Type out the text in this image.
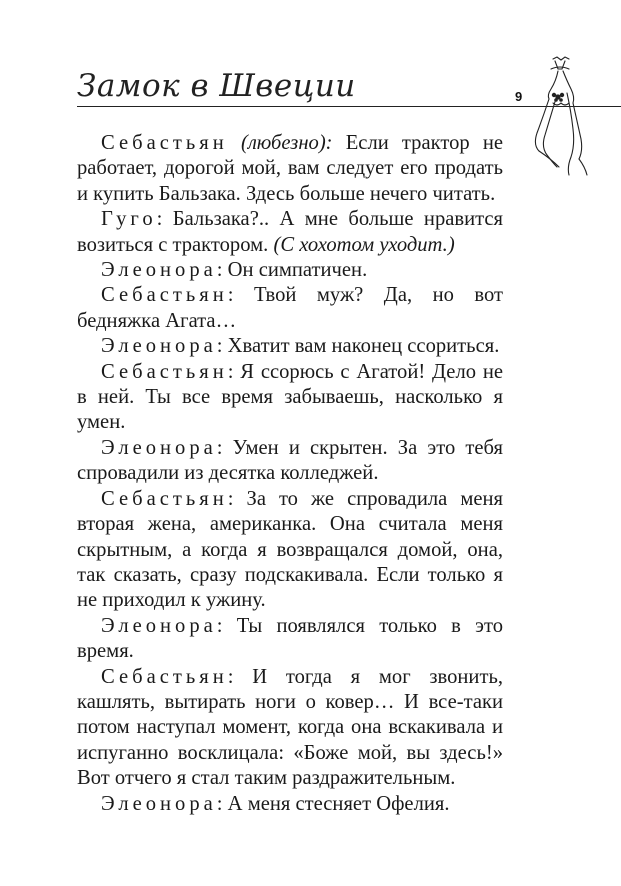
Замок в Швеции	9

Себастьян (любезно): Если трактор не работает, дорогой мой, вам следует его продать и купить Бальзака. Здесь больше нечего читать.

Гуго: Бальзака?.. А мне больше нравится возиться с трактором. (С хохотом уходит.)

Элеонора: Он симпатичен.

Себастьян: Твой муж? Да, но вот бедняжка Агата…

Элеонора: Хватит вам наконец ссориться.

Себастьян: Я ссорюсь с Агатой! Дело не в ней. Ты все время забываешь, насколько я умен.

Элеонора: Умен и скрытен. За это тебя спровадили из десятка колледжей.

Себастьян: За то же спровадила меня вторая жена, американка. Она считала меня скрытным, а когда я возвращался домой, она, так сказать, сразу подскакивала. Если только я не приходил к ужину.

Элеонора: Ты появлялся только в это время.

Себастьян: И тогда я мог звонить, кашлять, вытирать ноги о ковер… И все-таки потом наступал момент, когда она вскакивала и испуганно восклицала: «Боже мой, вы здесь!» Вот отчего я стал таким раздражительным.

Элеонора: А меня стесняет Офелия.
